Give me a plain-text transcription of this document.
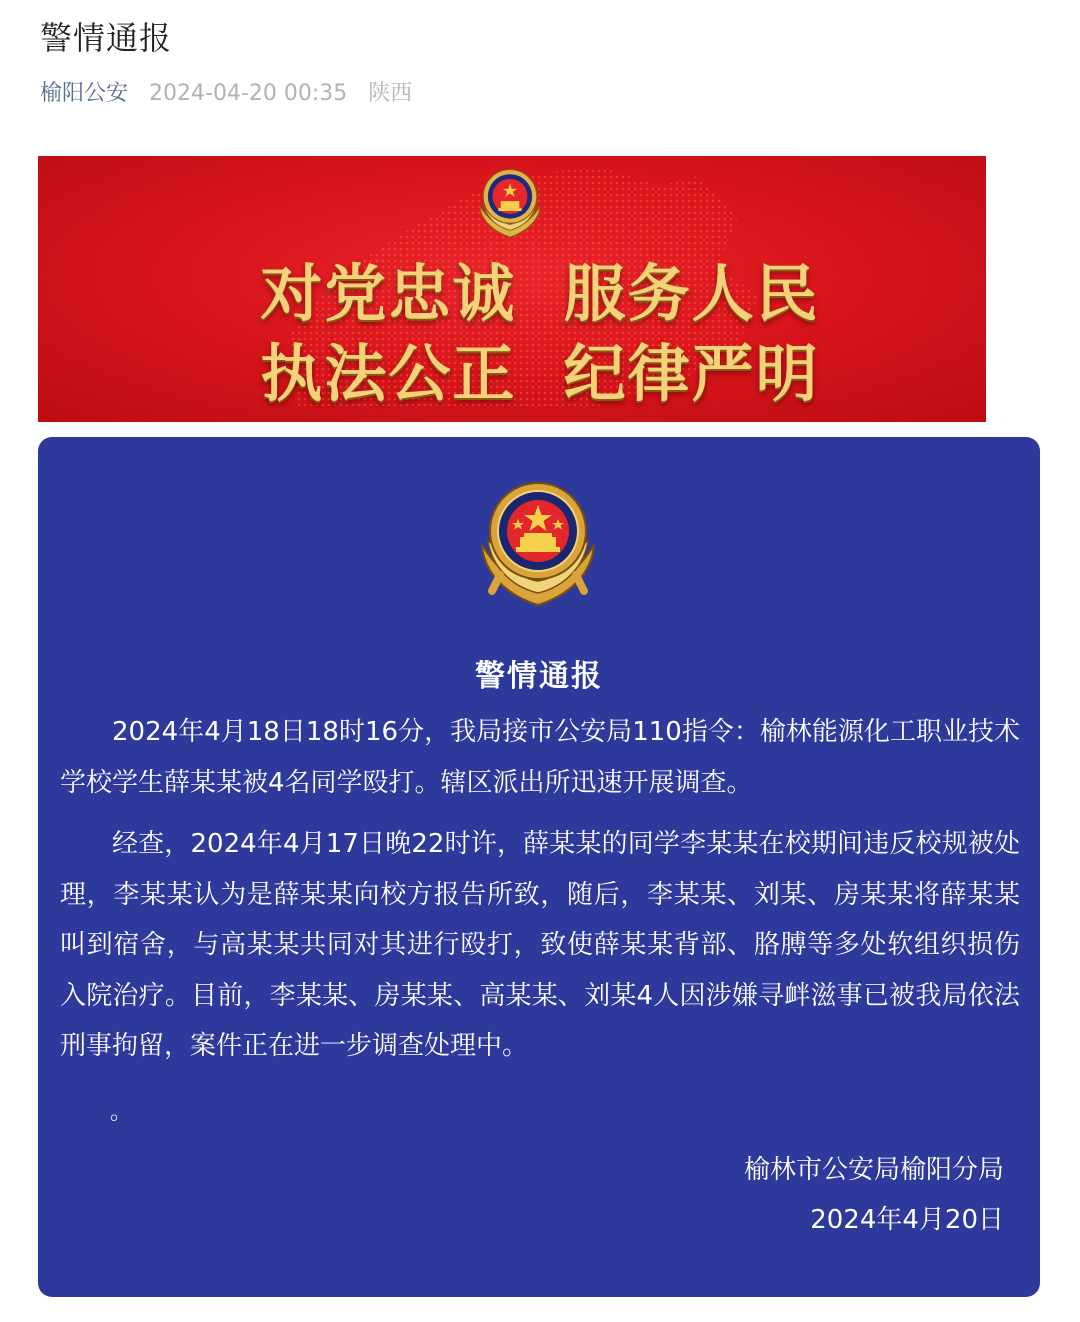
警情通报
榆阳公安 2024-04-20 00:35 陕西
对党忠诚  服务人民
执法公正  纪律严明
警情通报

2024年4月18日18时16分，我局接市公安局110指令：榆林能源化工职业技术学校学生薛某某被4名同学殴打。辖区派出所迅速开展调查。

经查，2024年4月17日晚22时许，薛某某的同学李某某在校期间违反校规被处理，李某某认为是薛某某向校方报告所致，随后，李某某、刘某、房某某将薛某某叫到宿舍，与高某某共同对其进行殴打，致使薛某某背部、胳膊等多处软组织损伤入院治疗。目前，李某某、房某某、高某某、刘某4人因涉嫌寻衅滋事已被我局依法刑事拘留，案件正在进一步调查处理中。

。
榆林市公安局榆阳分局
2024年4月20日
